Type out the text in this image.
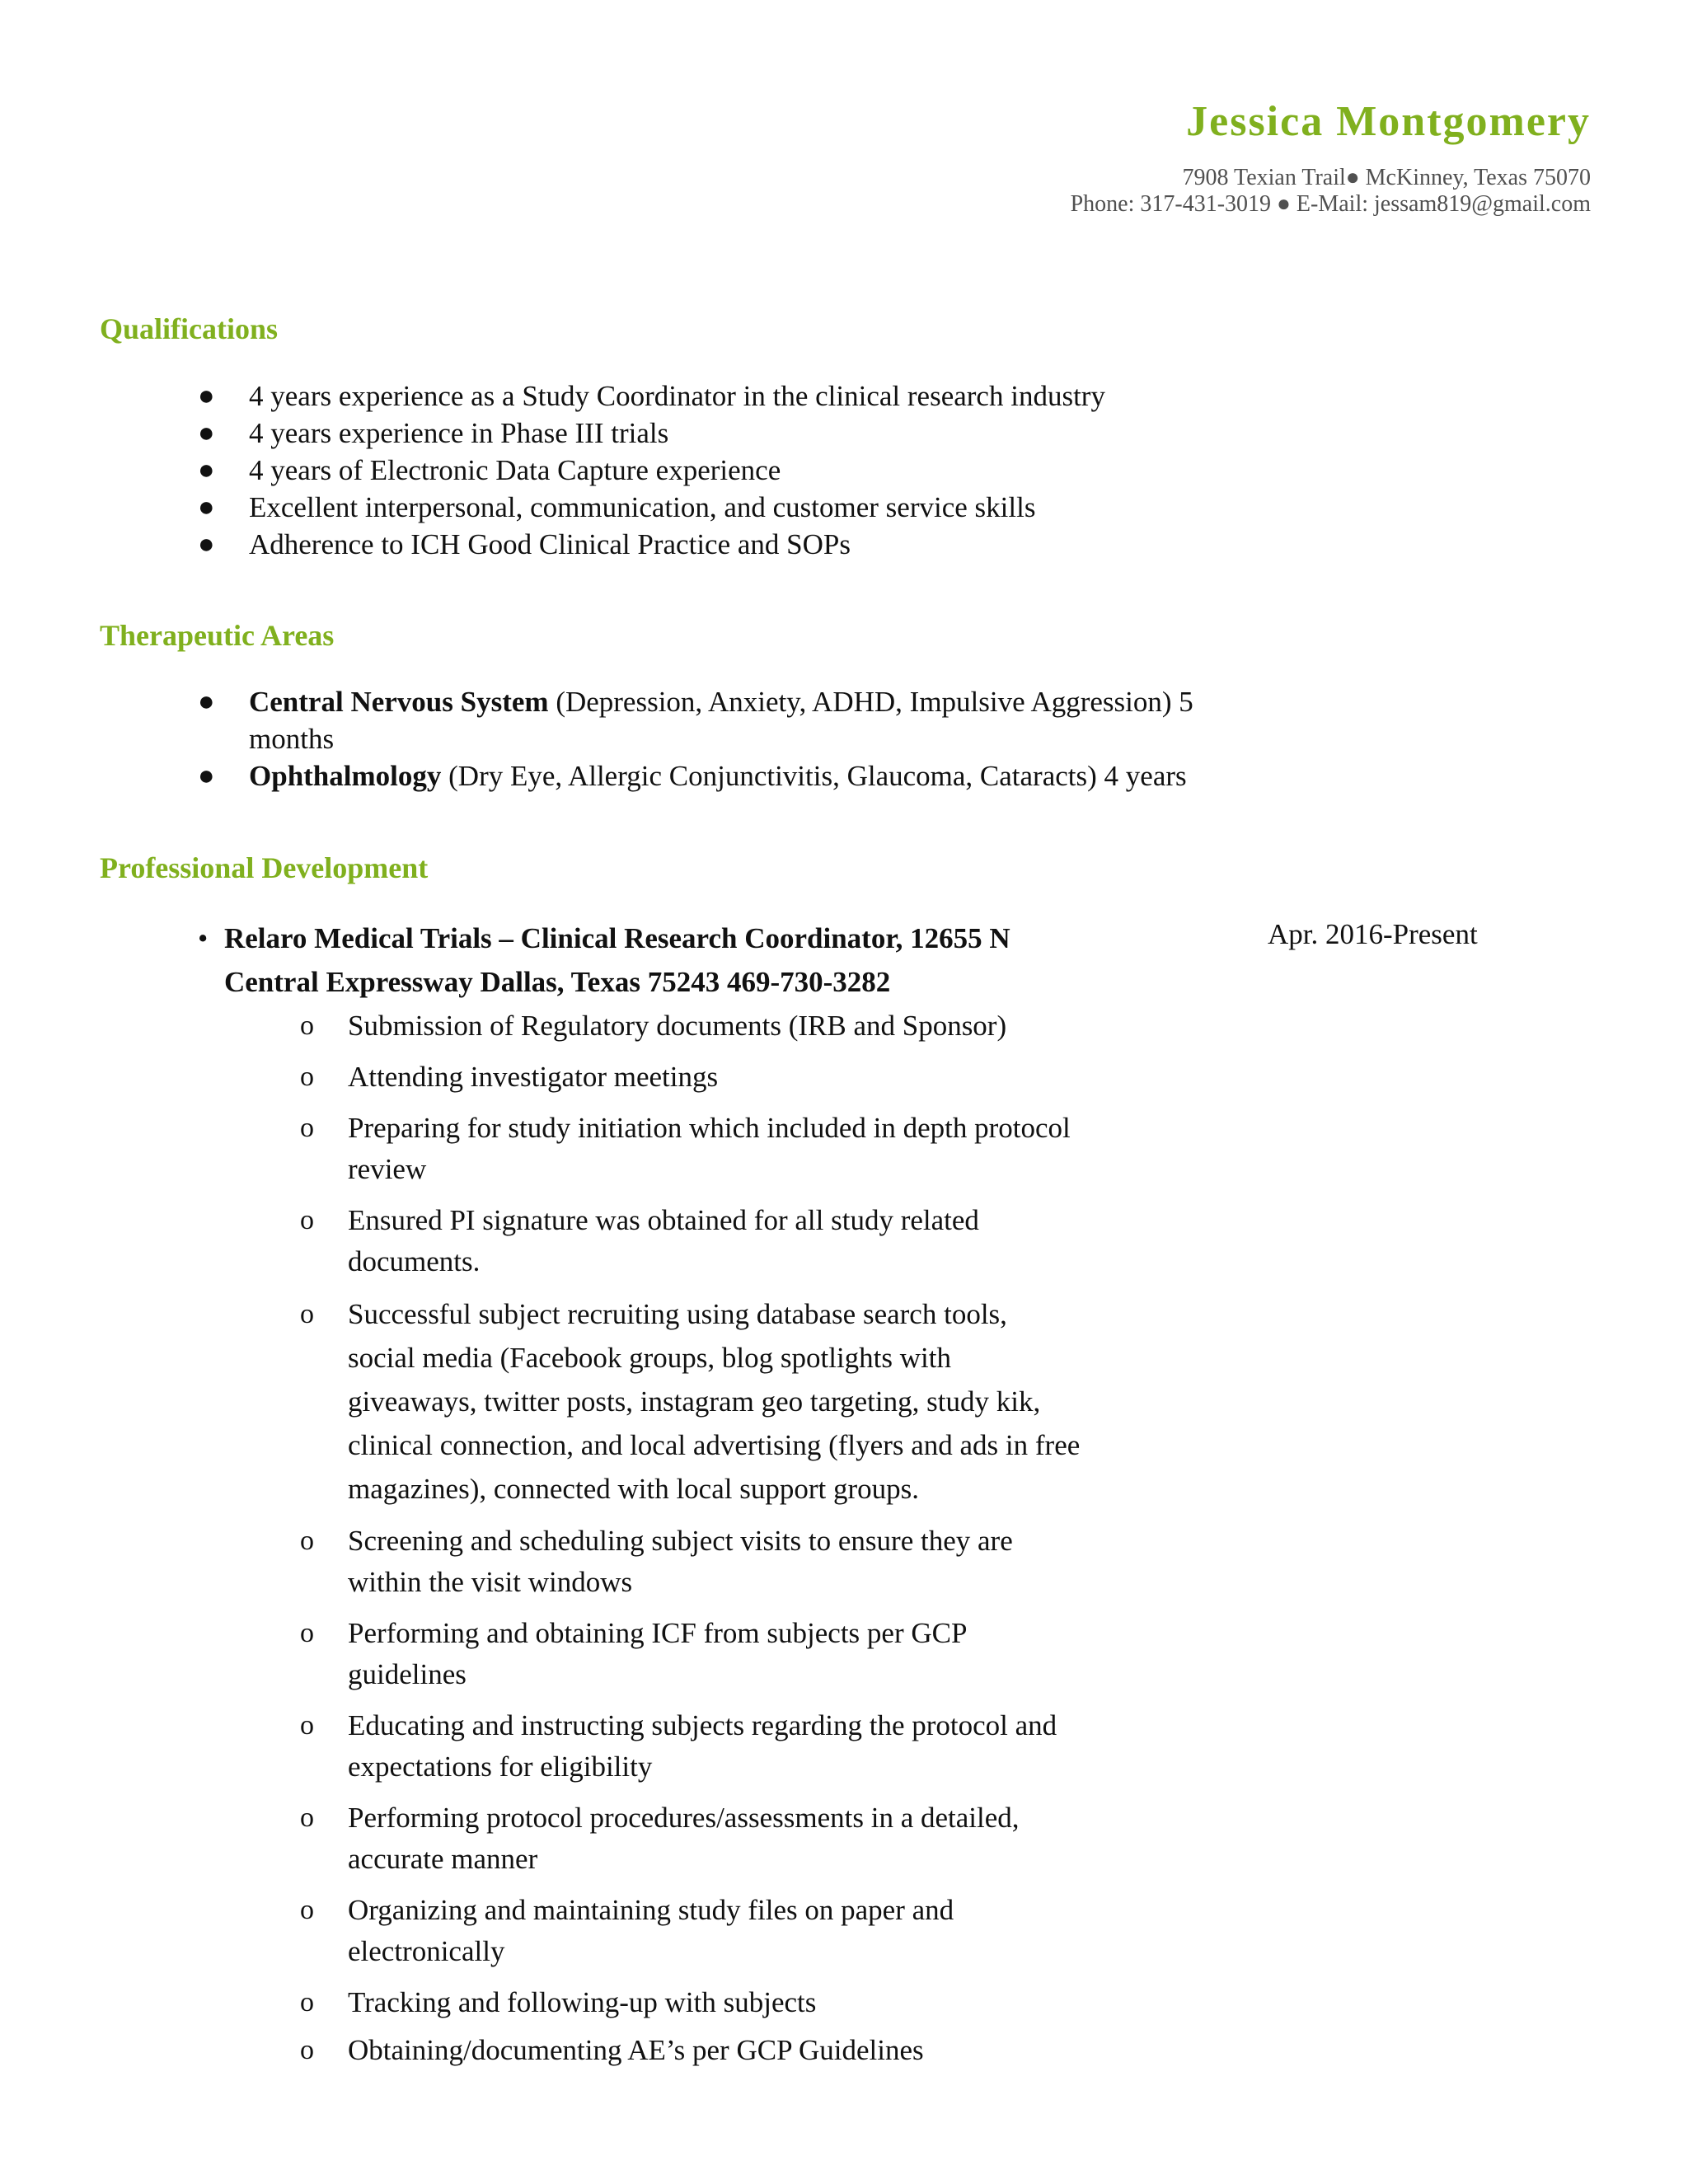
Jessica Montgomery
7908 Texian Trail● McKinney, Texas 75070
Phone: 317-431-3019 ● E-Mail: jessam819@gmail.com
Qualifications
● 4 years experience as a Study Coordinator in the clinical research industry
● 4 years experience in Phase III trials
● 4 years of Electronic Data Capture experience
● Excellent interpersonal, communication, and customer service skills
● Adherence to ICH Good Clinical Practice and SOPs
Therapeutic Areas
● Central Nervous System (Depression, Anxiety, ADHD, Impulsive Aggression) 5 months
● Ophthalmology (Dry Eye, Allergic Conjunctivitis, Glaucoma, Cataracts) 4 years
Professional Development
• Relaro Medical Trials – Clinical Research Coordinator, 12655 N Central Expressway Dallas, Texas 75243 469-730-3282
Apr. 2016-Present
o Submission of Regulatory documents (IRB and Sponsor)
o Attending investigator meetings
o Preparing for study initiation which included in depth protocol review
o Ensured PI signature was obtained for all study related documents.
o Successful subject recruiting using database search tools, social media (Facebook groups, blog spotlights with giveaways, twitter posts, instagram geo targeting, study kik, clinical connection, and local advertising (flyers and ads in free magazines), connected with local support groups.
o Screening and scheduling subject visits to ensure they are within the visit windows
o Performing and obtaining ICF from subjects per GCP guidelines
o Educating and instructing subjects regarding the protocol and expectations for eligibility
o Performing protocol procedures/assessments in a detailed, accurate manner
o Organizing and maintaining study files on paper and electronically
o Tracking and following-up with subjects
o Obtaining/documenting AE’s per GCP Guidelines
